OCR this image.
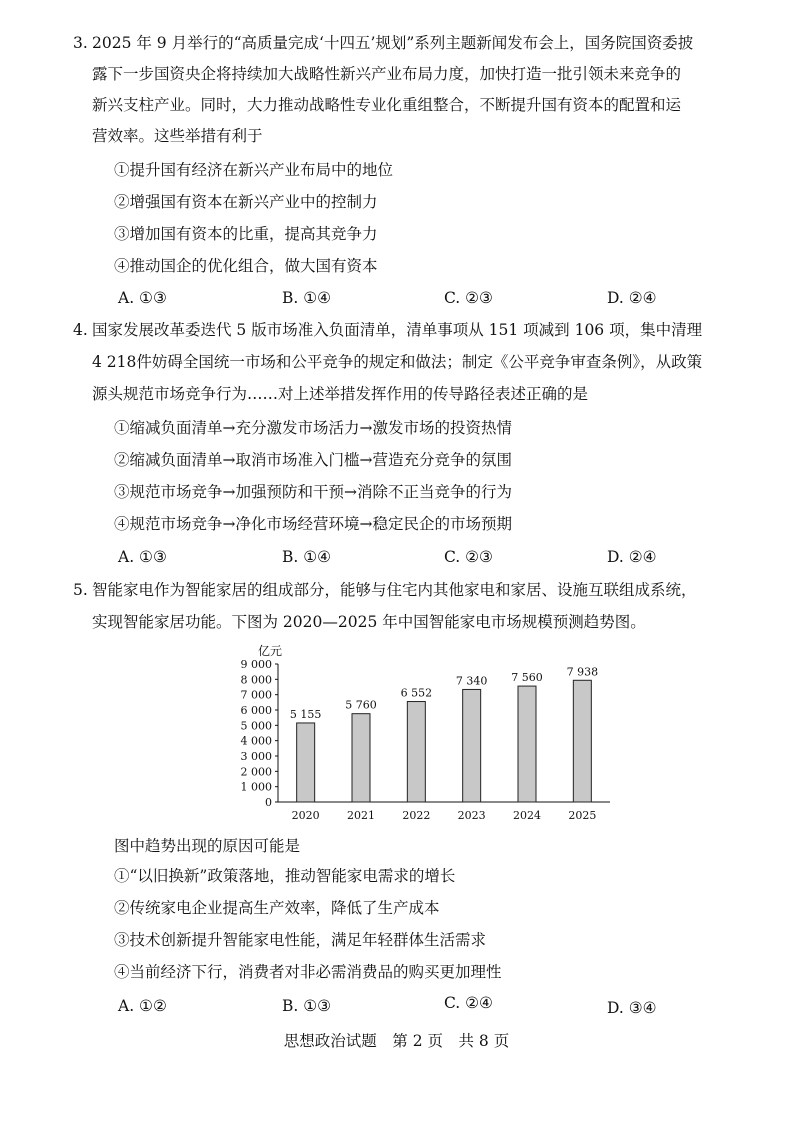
3. 2025 年 9 月举行的“高质量完成‘十四五’规划”系列主题新闻发布会上，国务院国资委披
露下一步国资央企将持续加大战略性新兴产业布局力度，加快打造一批引领未来竞争的
新兴支柱产业。同时，大力推动战略性专业化重组整合，不断提升国有资本的配置和运
营效率。这些举措有利于
①提升国有经济在新兴产业布局中的地位
②增强国有资本在新兴产业中的控制力
③增加国有资本的比重，提高其竞争力
④推动国企的优化组合，做大国有资本
A. ①③	B. ①④	C. ②③	D. ②④
4. 国家发展改革委迭代 5 版市场准入负面清单，清单事项从 151 项减到 106 项，集中清理
4 218件妨碍全国统一市场和公平竞争的规定和做法；制定《公平竞争审查条例》，从政策
源头规范市场竞争行为……对上述举措发挥作用的传导路径表述正确的是
①缩减负面清单→充分激发市场活力→激发市场的投资热情
②缩减负面清单→取消市场准入门槛→营造充分竞争的氛围
③规范市场竞争→加强预防和干预→消除不正当竞争的行为
④规范市场竞争→净化市场经营环境→稳定民企的市场预期
A. ①③	B. ①④	C. ②③	D. ②④
5. 智能家电作为智能家居的组成部分，能够与住宅内其他家电和家居、设施互联组成系统，
实现智能家居功能。下图为 2020—2025 年中国智能家电市场规模预测趋势图。
亿元
0
1 000
2 000
3 000
4 000
5 000
6 000
7 000
8 000
9 000
5 155
2020
5 760
2021
6 552
2022
7 340
2023
7 560
2024
7 938
2025
图中趋势出现的原因可能是
①“以旧换新”政策落地，推动智能家电需求的增长
②传统家电企业提高生产效率，降低了生产成本
③技术创新提升智能家电性能，满足年轻群体生活需求
④当前经济下行，消费者对非必需消费品的购买更加理性
A. ①②	B. ①③	C. ②④	D. ③④
思想政治试题　第 2 页　共 8 页
